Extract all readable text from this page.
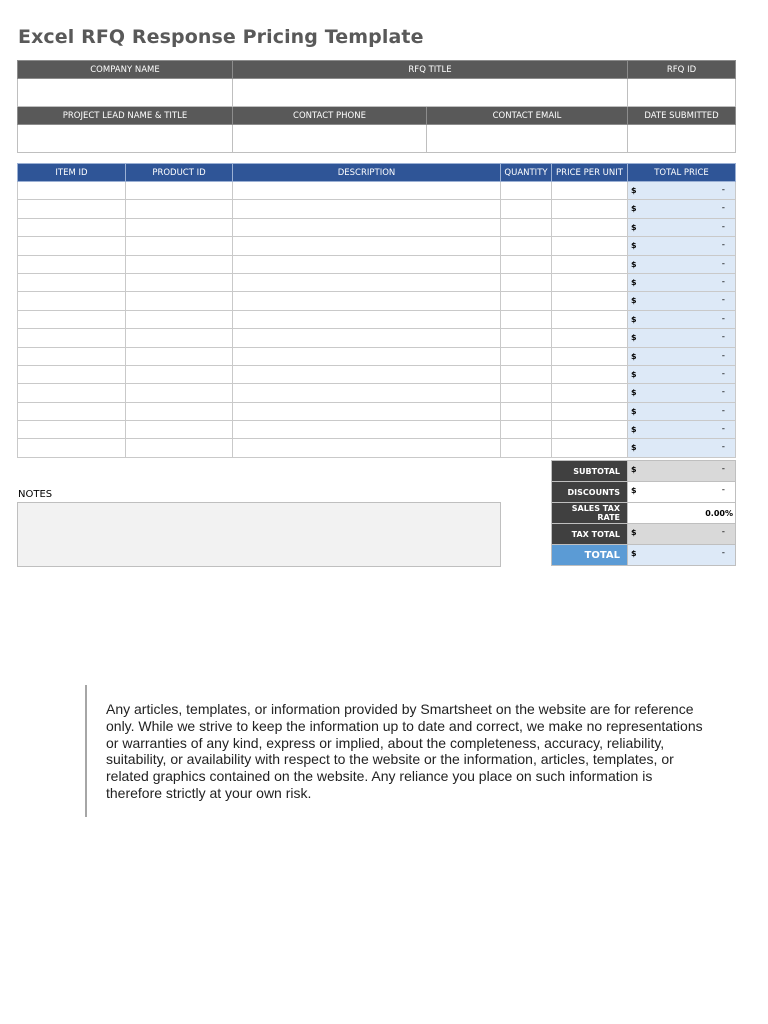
Excel RFQ Response Pricing Template
COMPANY NAME	RFQ TITLE		RFQ ID

PROJECT LEAD NAME & TITLE	CONTACT PHONE	CONTACT EMAIL	DATE SUBMITTED

ITEM ID	PRODUCT ID	DESCRIPTION	QUANTITY	PRICE PER UNIT	TOTAL PRICE

					$ -

					$ -

					$ -

					$ -

					$ -

					$ -

					$ -

					$ -

					$ -

					$ -

					$ -

					$ -

					$ -

					$ -

					$ -
SUBTOTAL	$ -

DISCOUNTS	$ -

SALES TAX RATE	0.00%

TAX TOTAL	$ -

TOTAL	$ -
NOTES
Any articles, templates, or information provided by Smartsheet on the website are for reference only. While we strive to keep the information up to date and correct, we make no representations or warranties of any kind, express or implied, about the completeness, accuracy, reliability, suitability, or availability with respect to the website or the information, articles, templates, or related graphics contained on the website. Any reliance you place on such information is therefore strictly at your own risk.
